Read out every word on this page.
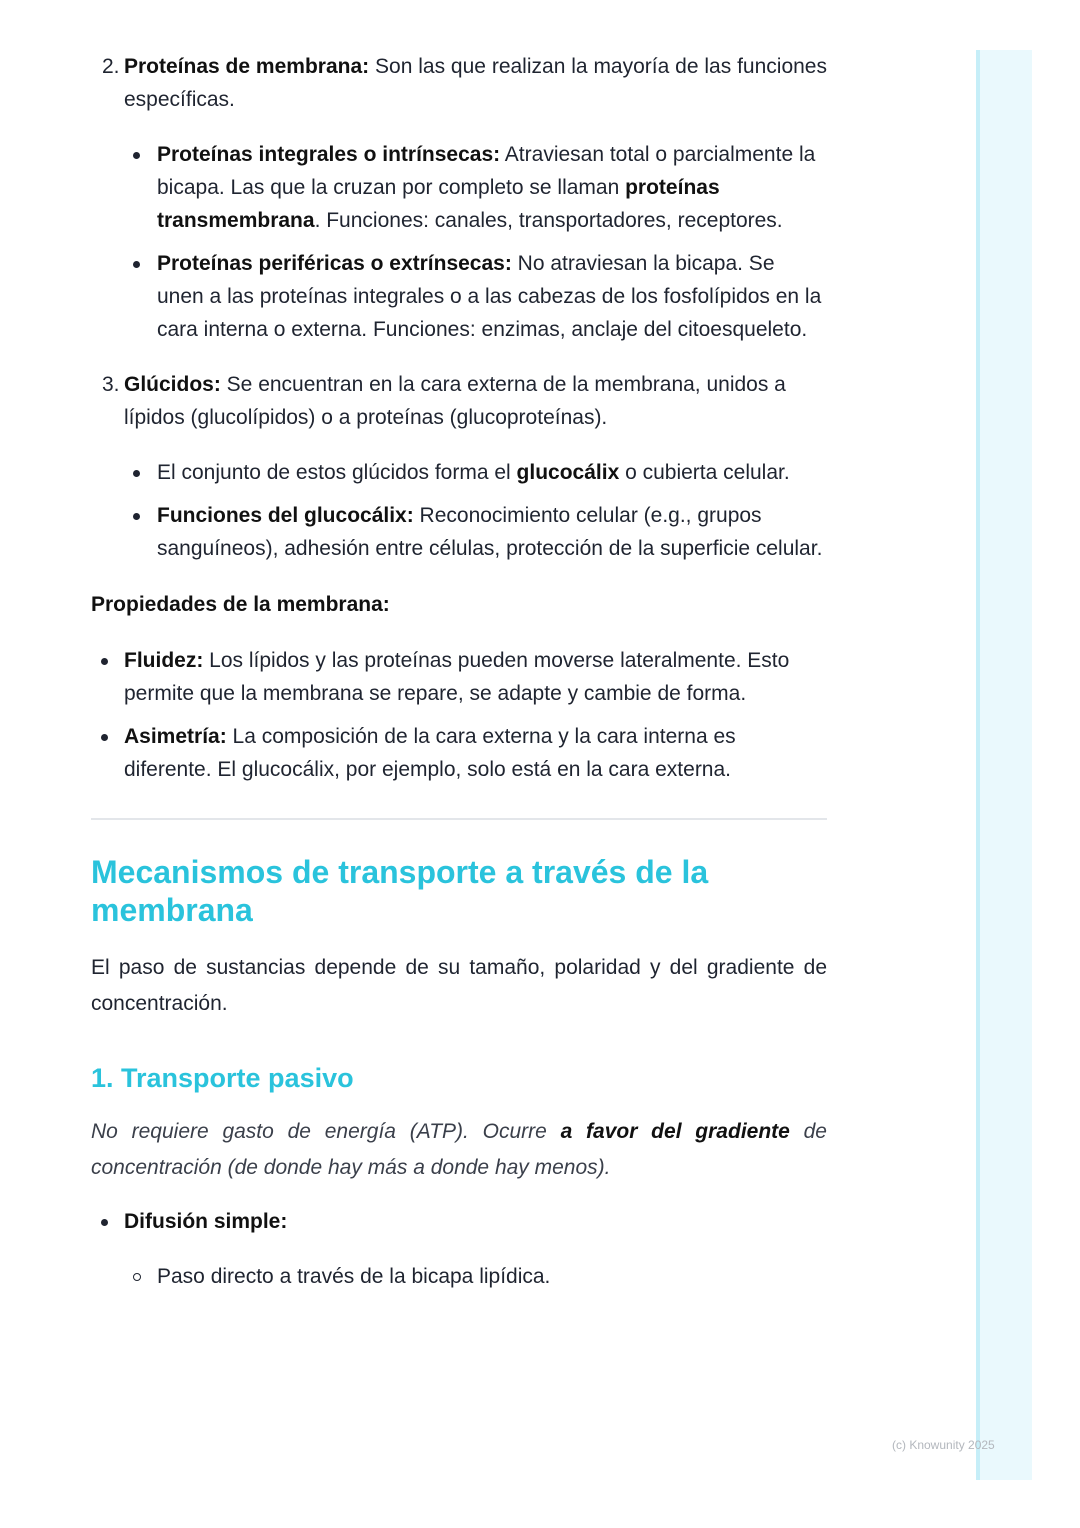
2. Proteínas de membrana: Son las que realizan la mayoría de las funciones específicas.

Proteínas integrales o intrínsecas: Atraviesan total o parcialmente la bicapa. Las que la cruzan por completo se llaman proteínas transmembrana. Funciones: canales, transportadores, receptores.
Proteínas periféricas o extrínsecas: No atraviesan la bicapa. Se unen a las proteínas integrales o a las cabezas de los fosfolípidos en la cara interna o externa. Funciones: enzimas, anclaje del citoesqueleto.
3. Glúcidos: Se encuentran en la cara externa de la membrana, unidos a lípidos (glucolípidos) o a proteínas (glucoproteínas).

El conjunto de estos glúcidos forma el glucocálix o cubierta celular.
Funciones del glucocálix: Reconocimiento celular (e.g., grupos sanguíneos), adhesión entre células, protección de la superficie celular.

Propiedades de la membrana:

Fluidez: Los lípidos y las proteínas pueden moverse lateralmente. Esto permite que la membrana se repare, se adapte y cambie de forma.
Asimetría: La composición de la cara externa y la cara interna es diferente. El glucocálix, por ejemplo, solo está en la cara externa.
Mecanismos de transporte a través de la membrana

El paso de sustancias depende de su tamaño, polaridad y del gradiente de concentración.

1. Transporte pasivo

No requiere gasto de energía (ATP). Ocurre a favor del gradiente de concentración (de donde hay más a donde hay menos).

Difusión simple:
Paso directo a través de la bicapa lipídica.
(c) Knowunity 2025
